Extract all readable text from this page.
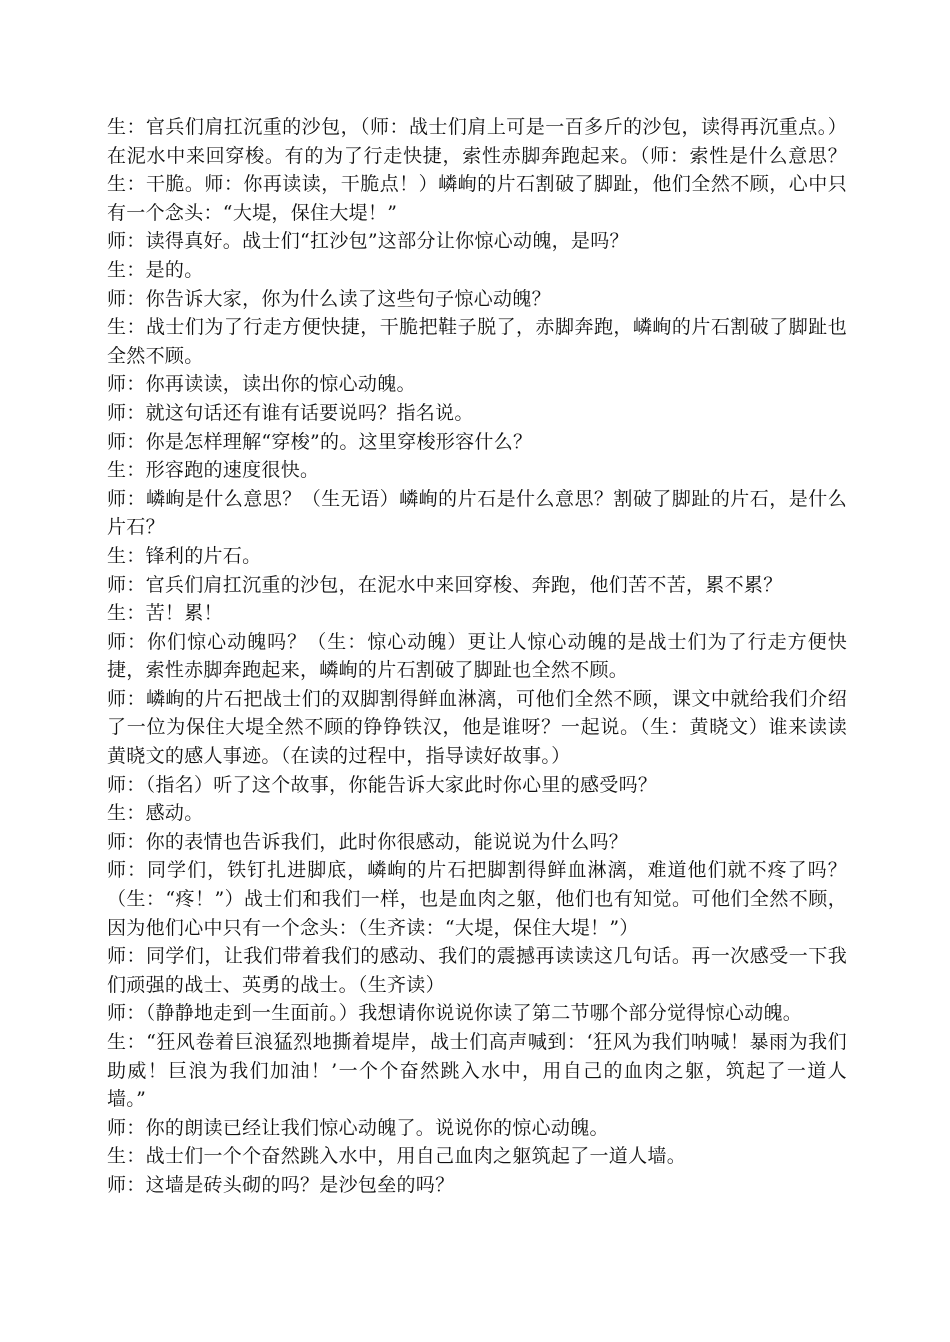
生：官兵们肩扛沉重的沙包，（师：战士们肩上可是一百多斤的沙包，读得再沉重点。）在泥水中来回穿梭。有的为了行走快捷，索性赤脚奔跑起来。（师：索性是什么意思？生：干脆。师：你再读读，干脆点！）嶙峋的片石割破了脚趾，他们全然不顾，心中只有一个念头：“大堤，保住大堤！”

师：读得真好。战士们“扛沙包”这部分让你惊心动魄，是吗？

生：是的。

师：你告诉大家，你为什么读了这些句子惊心动魄？

生：战士们为了行走方便快捷，干脆把鞋子脱了，赤脚奔跑，嶙峋的片石割破了脚趾也全然不顾。

师：你再读读，读出你的惊心动魄。

师：就这句话还有谁有话要说吗？指名说。

师：你是怎样理解“穿梭”的。这里穿梭形容什么？

生：形容跑的速度很快。

师：嶙峋是什么意思？（生无语）嶙峋的片石是什么意思？割破了脚趾的片石，是什么片石？

生：锋利的片石。

师：官兵们肩扛沉重的沙包，在泥水中来回穿梭、奔跑，他们苦不苦，累不累？

生：苦！累！

师：你们惊心动魄吗？（生：惊心动魄）更让人惊心动魄的是战士们为了行走方便快捷，索性赤脚奔跑起来，嶙峋的片石割破了脚趾也全然不顾。

师：嶙峋的片石把战士们的双脚割得鲜血淋漓，可他们全然不顾，课文中就给我们介绍了一位为保住大堤全然不顾的铮铮铁汉，他是谁呀？一起说。（生：黄晓文）谁来读读黄晓文的感人事迹。（在读的过程中，指导读好故事。）

师：（指名）听了这个故事，你能告诉大家此时你心里的感受吗？

生：感动。

师：你的表情也告诉我们，此时你很感动，能说说为什么吗？

师：同学们，铁钉扎进脚底，嶙峋的片石把脚割得鲜血淋漓，难道他们就不疼了吗？（生：“疼！”）战士们和我们一样，也是血肉之躯，他们也有知觉。可他们全然不顾，因为他们心中只有一个念头：（生齐读：“大堤，保住大堤！”）

师：同学们，让我们带着我们的感动、我们的震撼再读读这几句话。再一次感受一下我们顽强的战士、英勇的战士。（生齐读）

师：（静静地走到一生面前。）我想请你说说你读了第二节哪个部分觉得惊心动魄。

生：“狂风卷着巨浪猛烈地撕着堤岸，战士们高声喊到：‘狂风为我们呐喊！暴雨为我们助威！巨浪为我们加油！’一个个奋然跳入水中，用自己的血肉之躯，筑起了一道人墙。”

师：你的朗读已经让我们惊心动魄了。说说你的惊心动魄。

生：战士们一个个奋然跳入水中，用自己血肉之躯筑起了一道人墙。

师：这墙是砖头砌的吗？是沙包垒的吗？
